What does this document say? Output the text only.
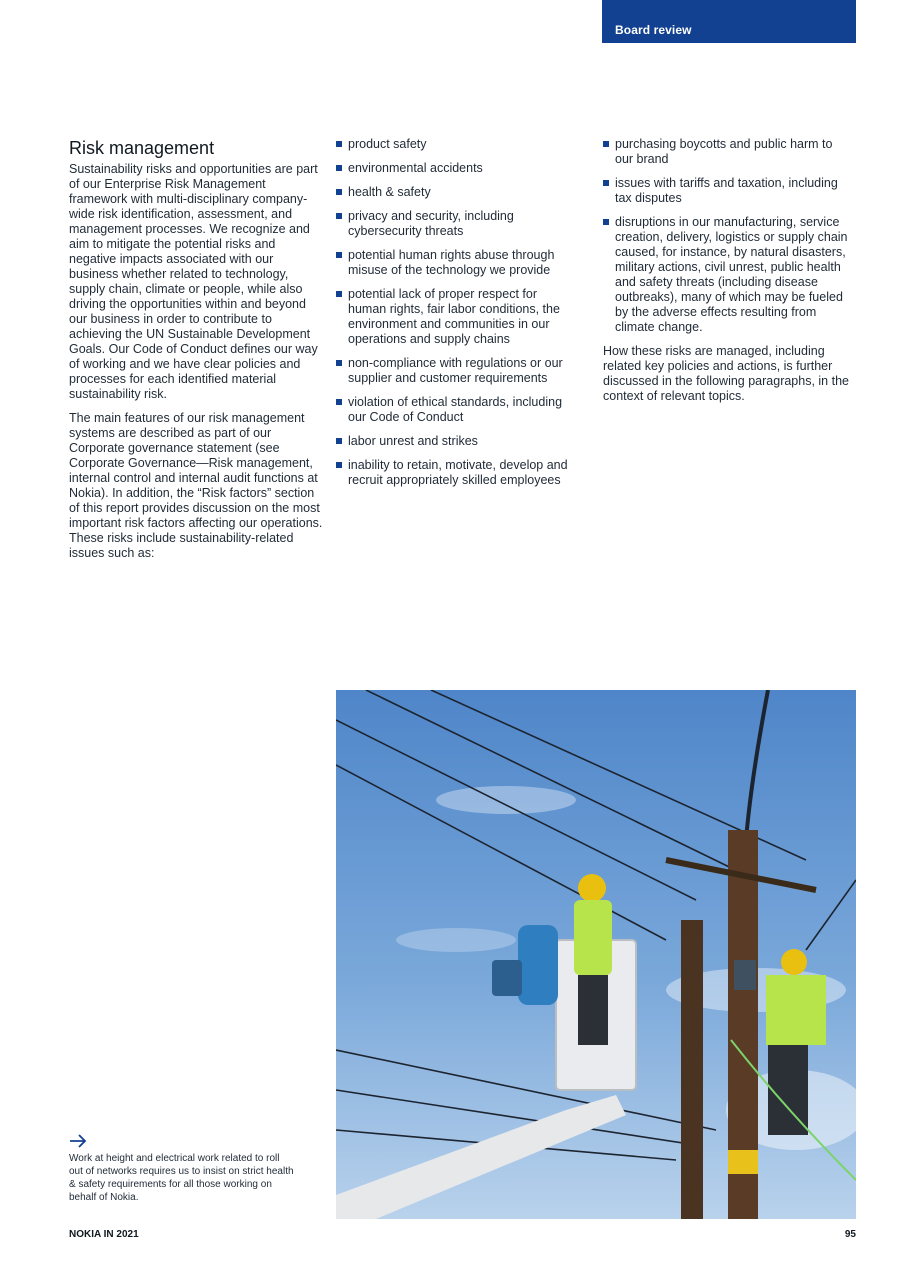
Board review
Risk management

Sustainability risks and opportunities are part of our Enterprise Risk Management framework with multi-disciplinary company-wide risk identification, assessment, and management processes. We recognize and aim to mitigate the potential risks and negative impacts associated with our business whether related to technology, supply chain, climate or people, while also driving the opportunities within and beyond our business in order to contribute to achieving the UN Sustainable Development Goals. Our Code of Conduct defines our way of working and we have clear policies and processes for each identified material sustainability risk.

The main features of our risk management systems are described as part of our Corporate governance statement (see Corporate Governance—Risk management, internal control and internal audit functions at Nokia). In addition, the “Risk factors” section of this report provides discussion on the most important risk factors affecting our operations. These risks include sustainability-related issues such as:

product safety
environmental accidents
health & safety
privacy and security, including cybersecurity threats
potential human rights abuse through misuse of the technology we provide
potential lack of proper respect for human rights, fair labor conditions, the environment and communities in our operations and supply chains
non-compliance with regulations or our supplier and customer requirements
violation of ethical standards, including our Code of Conduct
labor unrest and strikes
inability to retain, motivate, develop and recruit appropriately skilled employees
purchasing boycotts and public harm to our brand
issues with tariffs and taxation, including tax disputes
disruptions in our manufacturing, service creation, delivery, logistics or supply chain caused, for instance, by natural disasters, military actions, civil unrest, public health and safety threats (including disease outbreaks), many of which may be fueled by the adverse effects resulting from climate change.

How these risks are managed, including related key policies and actions, is further discussed in the following paragraphs, in the context of relevant topics.

Work at height and electrical work related to roll out of networks requires us to insist on strict health & safety requirements for all those working on behalf of Nokia.
NOKIA IN 2021	95
